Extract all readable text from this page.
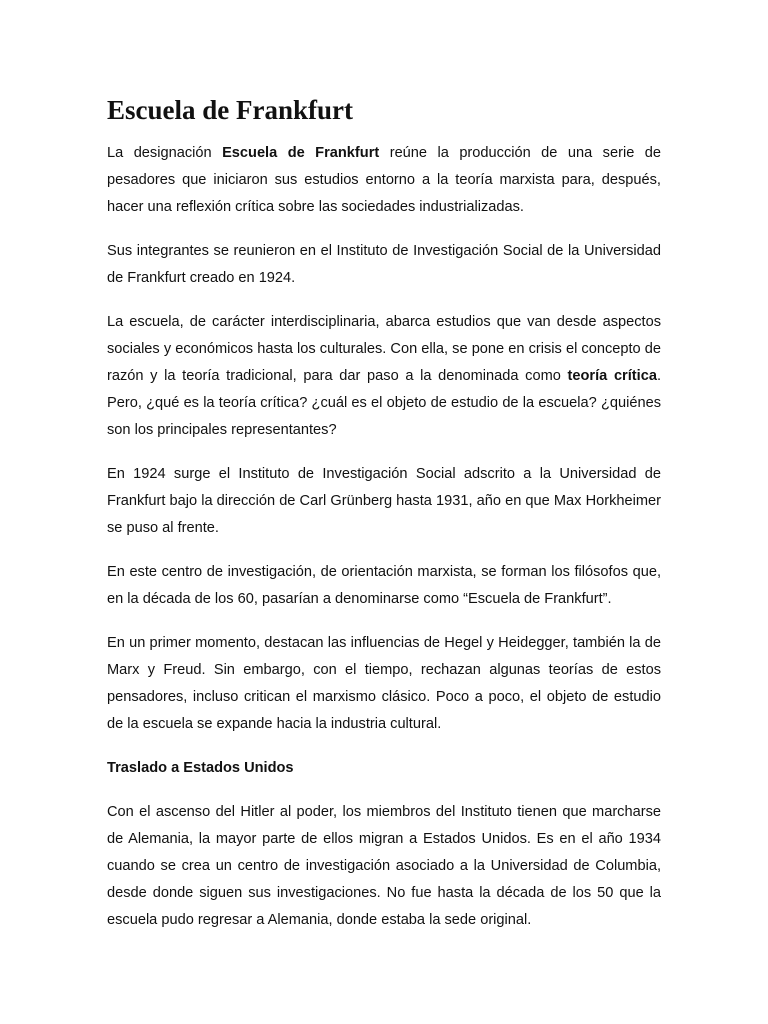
Escuela de Frankfurt

La designación Escuela de Frankfurt reúne la producción de una serie de pesadores que iniciaron sus estudios entorno a la teoría marxista para, después, hacer una reflexión crítica sobre las sociedades industrializadas.

Sus integrantes se reunieron en el Instituto de Investigación Social de la Universidad de Frankfurt creado en 1924.

La escuela, de carácter interdisciplinaria, abarca estudios que van desde aspectos sociales y económicos hasta los culturales. Con ella, se pone en crisis el concepto de razón y la teoría tradicional, para dar paso a la denominada como teoría crítica. Pero, ¿qué es la teoría crítica? ¿cuál es el objeto de estudio de la escuela? ¿quiénes son los principales representantes?

En 1924 surge el Instituto de Investigación Social adscrito a la Universidad de Frankfurt bajo la dirección de Carl Grünberg hasta 1931, año en que Max Horkheimer se puso al frente.

En este centro de investigación, de orientación marxista, se forman los filósofos que, en la década de los 60, pasarían a denominarse como “Escuela de Frankfurt”.

En un primer momento, destacan las influencias de Hegel y Heidegger, también la de Marx y Freud. Sin embargo, con el tiempo, rechazan algunas teorías de estos pensadores, incluso critican el marxismo clásico. Poco a poco, el objeto de estudio de la escuela se expande hacia la industria cultural.

Traslado a Estados Unidos

Con el ascenso del Hitler al poder, los miembros del Instituto tienen que marcharse de Alemania, la mayor parte de ellos migran a Estados Unidos. Es en el año 1934 cuando se crea un centro de investigación asociado a la Universidad de Columbia, desde donde siguen sus investigaciones. No fue hasta la década de los 50 que la escuela pudo regresar a Alemania, donde estaba la sede original.
